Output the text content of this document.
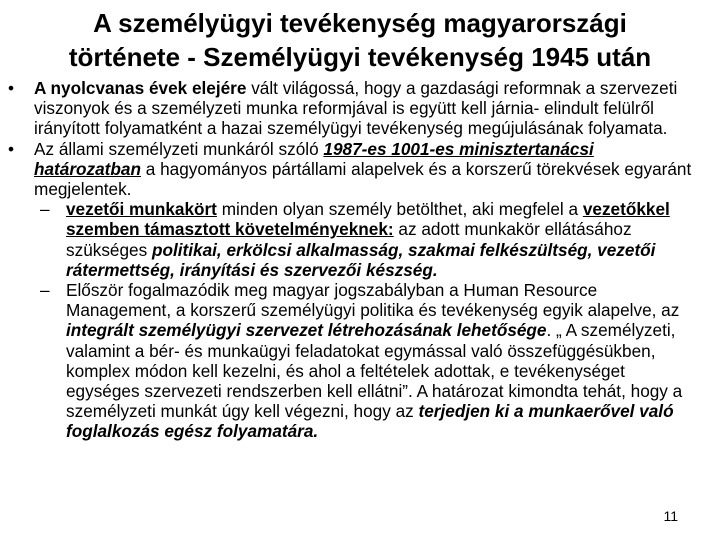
A személyügyi tevékenység magyarországi
története - Személyügyi tevékenység 1945 után

• A nyolcvanas évek elejére vált világossá, hogy a gazdasági reformnak a szervezeti viszonyok és a személyzeti munka reformjával is együtt kell járnia- elindult felülről irányított folyamatként a hazai személyügyi tevékenység megújulásának folyamata.

• Az állami személyzeti munkáról szóló 1987-es 1001-es minisztertanácsi határozatban a hagyományos pártállami alapelvek és a korszerű törekvések egyaránt megjelentek.

– vezetői munkakört minden olyan személy betölthet, aki megfelel a vezetőkkel szemben támasztott követelményeknek: az adott munkakör ellátásához szükséges politikai, erkölcsi alkalmasság, szakmai felkészültség, vezetői rátermettség, irányítási és szervezői készség.

– Először fogalmazódik meg magyar jogszabályban a Human Resource Management, a korszerű személyügyi politika és tevékenység egyik alapelve, az integrált személyügyi szervezet létrehozásának lehetősége. „ A személyzeti, valamint a bér- és munkaügyi feladatokat egymással való összefüggésükben, komplex módon kell kezelni, és ahol a feltételek adottak, e tevékenységet egységes szervezeti rendszerben kell ellátni”. A határozat kimondta tehát, hogy a személyzeti munkát úgy kell végezni, hogy az terjedjen ki a munkaerővel való foglalkozás egész folyamatára.

11
